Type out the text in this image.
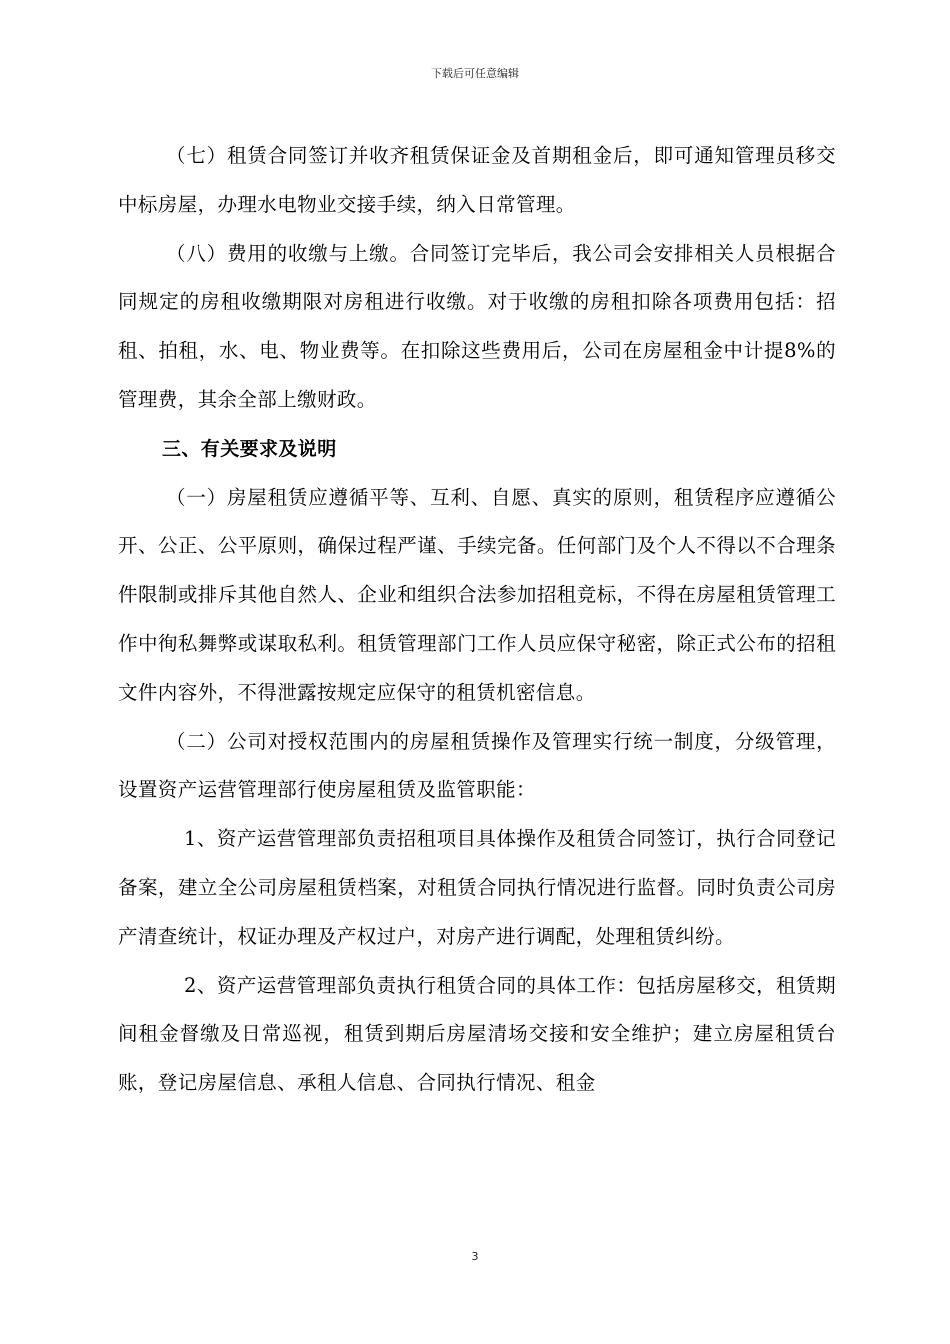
下载后可任意编辑

（七）租赁合同签订并收齐租赁保证金及首期租金后，即可通知管理员移交中标房屋，办理水电物业交接手续，纳入日常管理。

（八）费用的收缴与上缴。合同签订完毕后，我公司会安排相关人员根据合同规定的房租收缴期限对房租进行收缴。对于收缴的房租扣除各项费用包括：招租、拍租，水、电、物业费等。在扣除这些费用后，公司在房屋租金中计提8%的管理费，其余全部上缴财政。

三、有关要求及说明

（一）房屋租赁应遵循平等、互利、自愿、真实的原则，租赁程序应遵循公开、公正、公平原则，确保过程严谨、手续完备。任何部门及个人不得以不合理条件限制或排斥其他自然人、企业和组织合法参加招租竞标，不得在房屋租赁管理工作中徇私舞弊或谋取私利。租赁管理部门工作人员应保守秘密，除正式公布的招租文件内容外，不得泄露按规定应保守的租赁机密信息。

（二）公司对授权范围内的房屋租赁操作及管理实行统一制度，分级管理，设置资产运营管理部行使房屋租赁及监管职能：

1、资产运营管理部负责招租项目具体操作及租赁合同签订，执行合同登记备案，建立全公司房屋租赁档案，对租赁合同执行情况进行监督。同时负责公司房产清查统计，权证办理及产权过户，对房产进行调配，处理租赁纠纷。

2、资产运营管理部负责执行租赁合同的具体工作：包括房屋移交，租赁期间租金督缴及日常巡视，租赁到期后房屋清场交接和安全维护；建立房屋租赁台账，登记房屋信息、承租人信息、合同执行情况、租金

3
